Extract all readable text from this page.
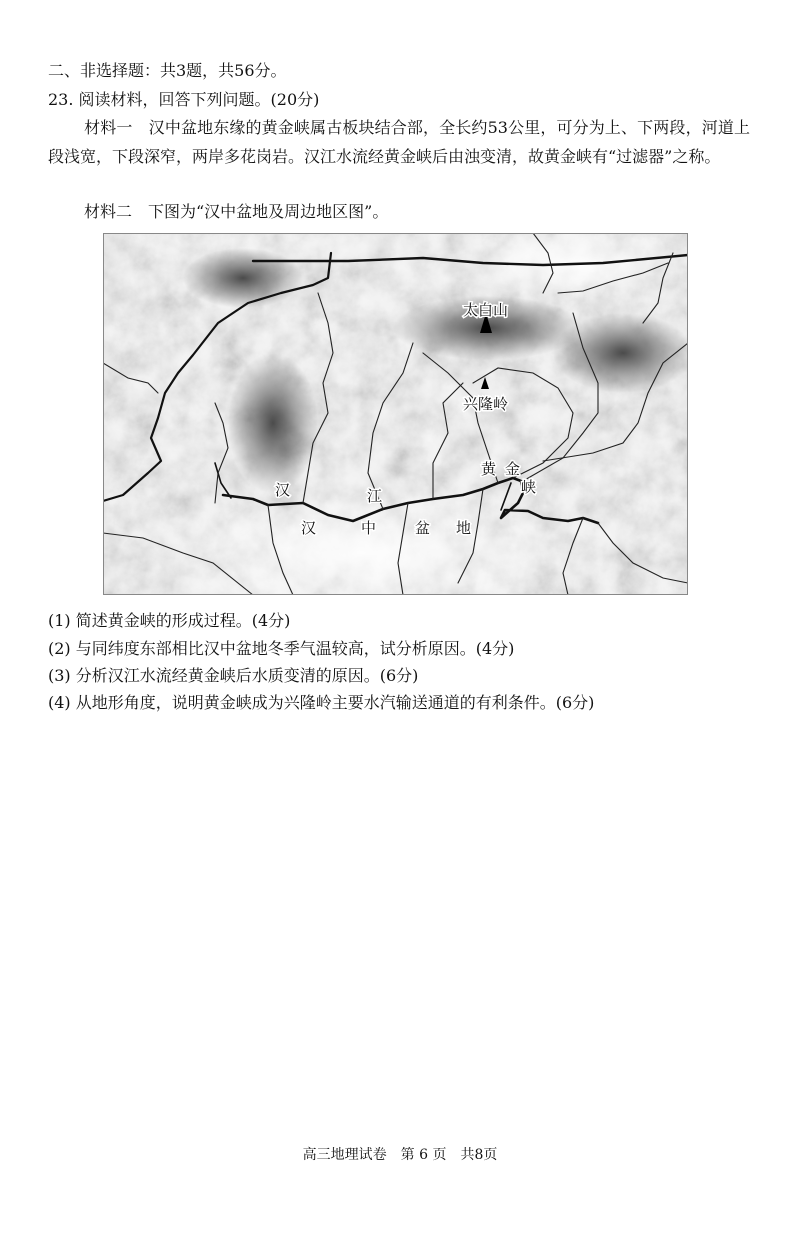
二、非选择题：共3题，共56分。
23. 阅读材料，回答下列问题。(20分)
材料一　汉中盆地东缘的黄金峡属古板块结合部，全长约53公里，可分为上、下两段，河道上段浅宽，下段深窄，两岸多花岗岩。汉江水流经黄金峡后由浊变清，故黄金峡有“过滤器”之称。
材料二　下图为“汉中盆地及周边地区图”。
太白山
兴隆岭
黄 金
峡
汉	江
汉	中	盆 地
(1) 简述黄金峡的形成过程。(4分)
(2) 与同纬度东部相比汉中盆地冬季气温较高，试分析原因。(4分)
(3) 分析汉江水流经黄金峡后水质变清的原因。(6分)
(4) 从地形角度，说明黄金峡成为兴隆岭主要水汽输送通道的有利条件。(6分)
高三地理试卷　第 6 页　共8页
